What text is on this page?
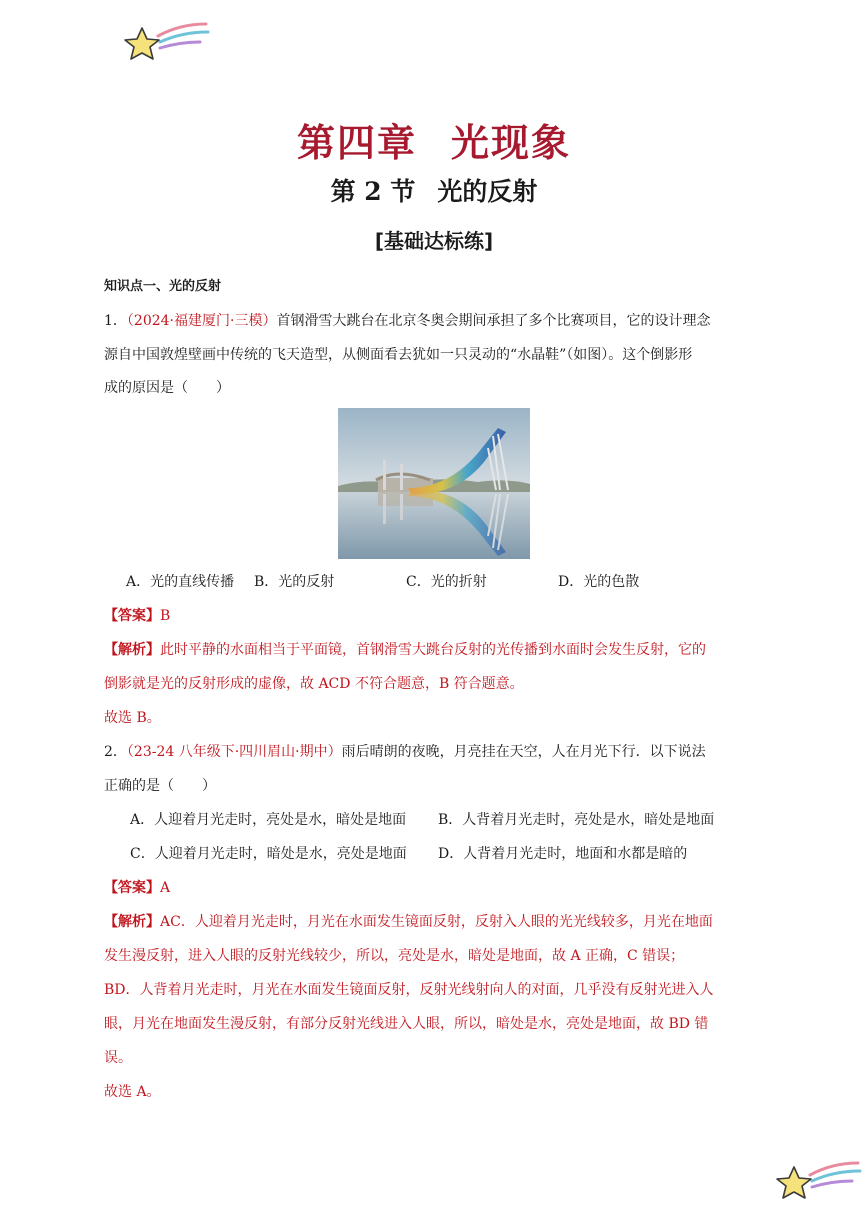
第四章 光现象
第 2 节 光的反射
[基础达标练]
知识点一、光的反射
1．（2024·福建厦门·三模）首钢滑雪大跳台在北京冬奥会期间承担了多个比赛项目，它的设计理念
源自中国敦煌壁画中传统的飞天造型，从侧面看去犹如一只灵动的“水晶鞋”（如图）。这个倒影形
成的原因是（　　）
A．光的直线传播 B．光的反射	C．光的折射	D．光的色散
【答案】B
【解析】此时平静的水面相当于平面镜，首钢滑雪大跳台反射的光传播到水面时会发生反射，它的
倒影就是光的反射形成的虚像，故 ACD 不符合题意，B 符合题意。
故选 B。
2．（23-24 八年级下·四川眉山·期中）雨后晴朗的夜晚，月亮挂在天空，人在月光下行．以下说法
正确的是（　　）
A．人迎着月光走时，亮处是水，暗处是地面 B．人背着月光走时，亮处是水，暗处是地面
C．人迎着月光走时，暗处是水，亮处是地面 D．人背着月光走时，地面和水都是暗的
【答案】A
【解析】AC．人迎着月光走时，月光在水面发生镜面反射，反射入人眼的光光线较多，月光在地面
发生漫反射，进入人眼的反射光线较少，所以，亮处是水，暗处是地面，故 A 正确，C 错误；
BD．人背着月光走时，月光在水面发生镜面反射，反射光线射向人的对面，几乎没有反射光进入人
眼，月光在地面发生漫反射，有部分反射光线进入人眼，所以，暗处是水，亮处是地面，故 BD 错
误。
故选 A。
